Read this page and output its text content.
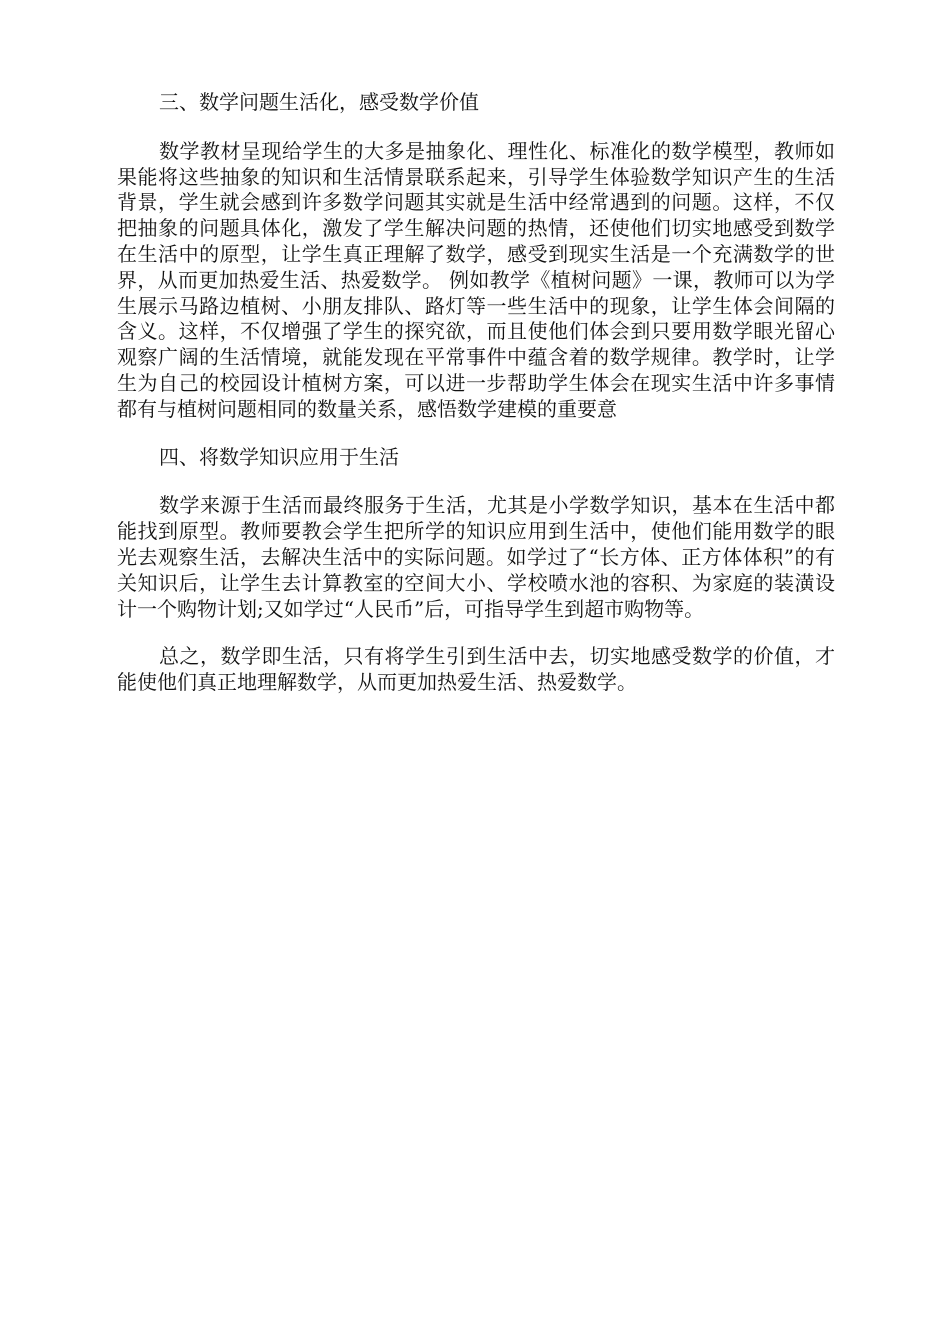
三、数学问题生活化，感受数学价值

数学教材呈现给学生的大多是抽象化、理性化、标准化的数学模型，教师如果能将这些抽象的知识和生活情景联系起来，引导学生体验数学知识产生的生活背景，学生就会感到许多数学问题其实就是生活中经常遇到的问题。这样，不仅把抽象的问题具体化，激发了学生解决问题的热情，还使他们切实地感受到数学在生活中的原型，让学生真正理解了数学，感受到现实生活是一个充满数学的世界，从而更加热爱生活、热爱数学。 例如教学《植树问题》一课，教师可以为学生展示马路边植树、小朋友排队、路灯等一些生活中的现象，让学生体会间隔的含义。这样，不仅增强了学生的探究欲，而且使他们体会到只要用数学眼光留心观察广阔的生活情境，就能发现在平常事件中蕴含着的数学规律。教学时，让学生为自己的校园设计植树方案，可以进一步帮助学生体会在现实生活中许多事情都有与植树问题相同的数量关系，感悟数学建模的重要意

四、将数学知识应用于生活

数学来源于生活而最终服务于生活，尤其是小学数学知识，基本在生活中都能找到原型。教师要教会学生把所学的知识应用到生活中，使他们能用数学的眼光去观察生活，去解决生活中的实际问题。如学过了“长方体、正方体体积”的有关知识后，让学生去计算教室的空间大小、学校喷水池的容积、为家庭的装潢设计一个购物计划;又如学过“人民币”后，可指导学生到超市购物等。

总之，数学即生活，只有将学生引到生活中去，切实地感受数学的价值，才能使他们真正地理解数学，从而更加热爱生活、热爱数学。
